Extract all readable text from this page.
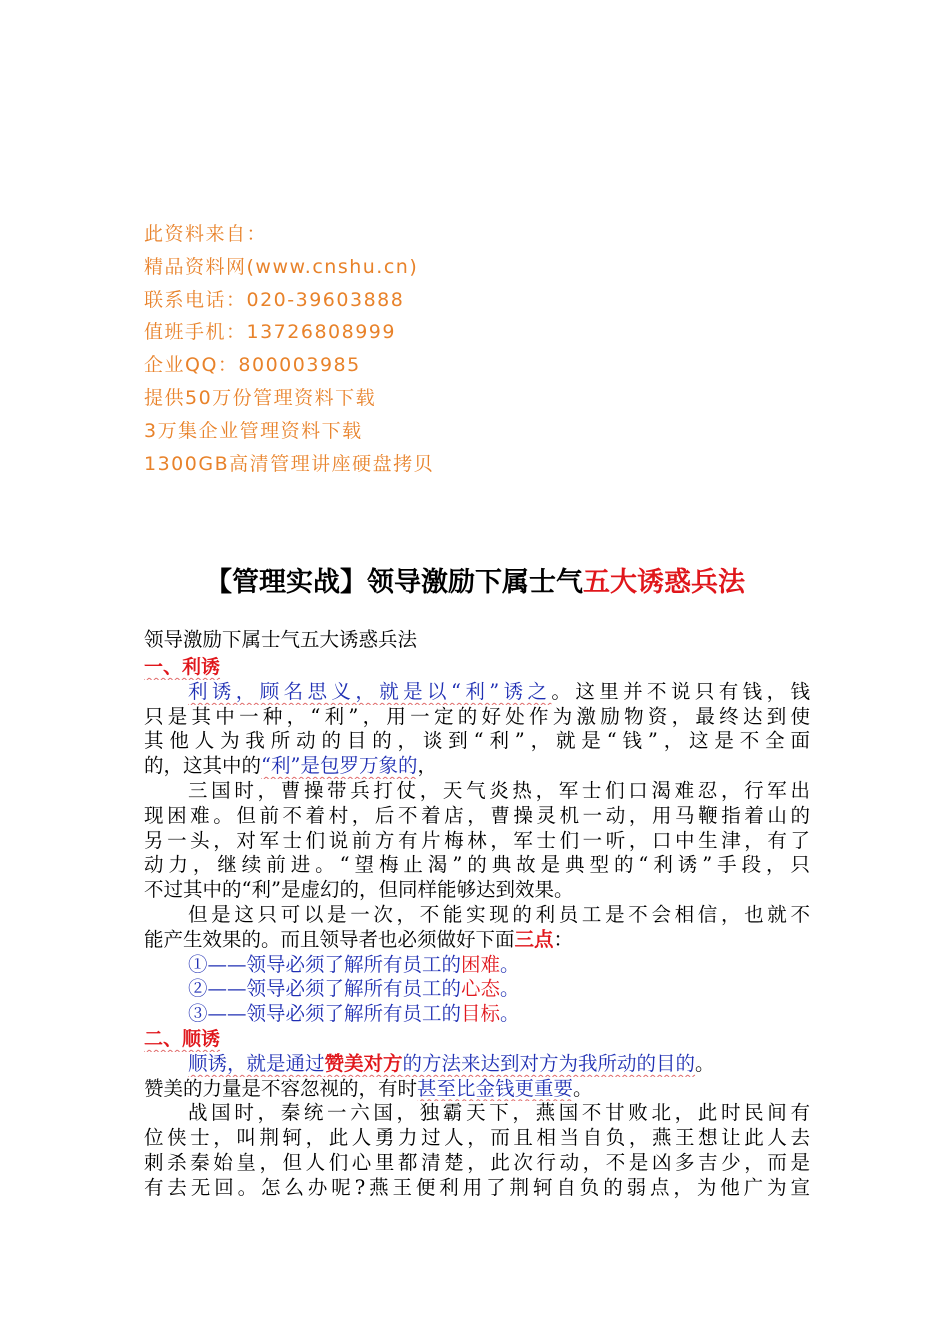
此资料来自：
精品资料网(www.cnshu.cn)
联系电话：020-39603888
值班手机：13726808999
企业QQ：800003985
提供50万份管理资料下载
3万集企业管理资料下载
1300GB高清管理讲座硬盘拷贝
【管理实战】领导激励下属士气五大诱惑兵法
领导激励下属士气五大诱惑兵法
一、利诱
利诱，顾名思义，就是以“利”诱之。这里并不说只有钱，钱
只是其中一种，“利”，用一定的好处作为激励物资，最终达到使
其他人为我所动的目的，谈到“利”，就是“钱”，这是不全面
的，这其中的“利”是包罗万象的，
三国时，曹操带兵打仗，天气炎热，军士们口渴难忍，行军出
现困难。但前不着村，后不着店，曹操灵机一动，用马鞭指着山的
另一头，对军士们说前方有片梅林，军士们一听，口中生津，有了
动力，继续前进。“望梅止渴”的典故是典型的“利诱”手段，只
不过其中的“利”是虚幻的，但同样能够达到效果。
但是这只可以是一次，不能实现的利员工是不会相信，也就不
能产生效果的。而且领导者也必须做好下面三点：
①——领导必须了解所有员工的困难。
②——领导必须了解所有员工的心态。
③——领导必须了解所有员工的目标。
二、顺诱
顺诱，就是通过赞美对方的方法来达到对方为我所动的目的。
赞美的力量是不容忽视的，有时甚至比金钱更重要。
战国时，秦统一六国，独霸天下，燕国不甘败北，此时民间有
位侠士，叫荆轲，此人勇力过人，而且相当自负，燕王想让此人去
刺杀秦始皇，但人们心里都清楚，此次行动，不是凶多吉少，而是
有去无回。怎么办呢?燕王便利用了荆轲自负的弱点，为他广为宣
